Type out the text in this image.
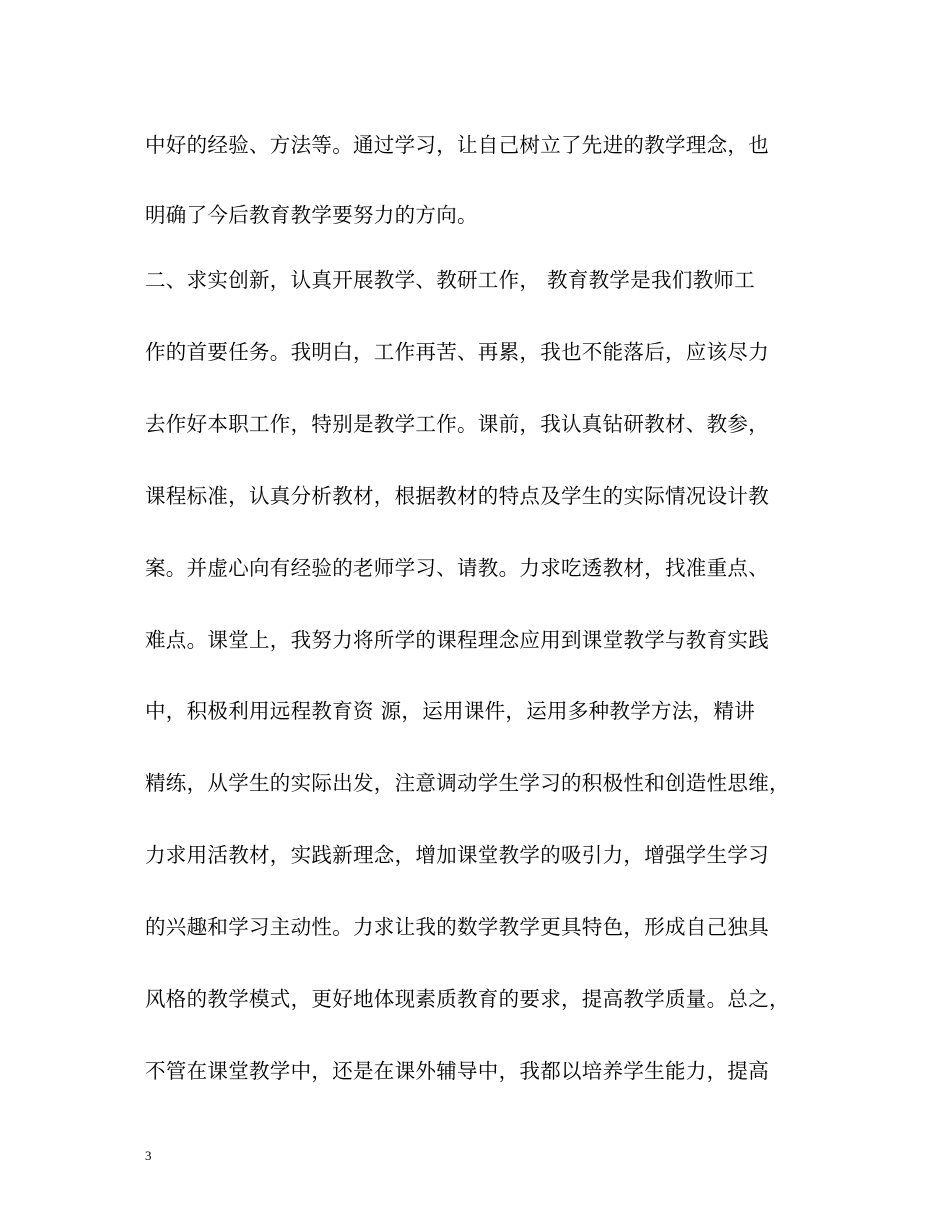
中好的经验、方法等。通过学习，让自己树立了先进的教学理念，也
明确了今后教育教学要努力的方向。
二、求实创新，认真开展教学、教研工作， 教育教学是我们教师工
作的首要任务。我明白，工作再苦、再累，我也不能落后，应该尽力
去作好本职工作，特别是教学工作。课前，我认真钻研教材、教参，
课程标准，认真分析教材，根据教材的特点及学生的实际情况设计教
案。并虚心向有经验的老师学习、请教。力求吃透教材，找准重点、
难点。课堂上，我努力将所学的课程理念应用到课堂教学与教育实践
中，积极利用远程教育资 源，运用课件，运用多种教学方法，精讲
精练，从学生的实际出发，注意调动学生学习的积极性和创造性思维，
力求用活教材，实践新理念，增加课堂教学的吸引力，增强学生学习
的兴趣和学习主动性。力求让我的数学教学更具特色，形成自己独具
风格的教学模式，更好地体现素质教育的要求，提高教学质量。总之，
不管在课堂教学中，还是在课外辅导中，我都以培养学生能力，提高
3
